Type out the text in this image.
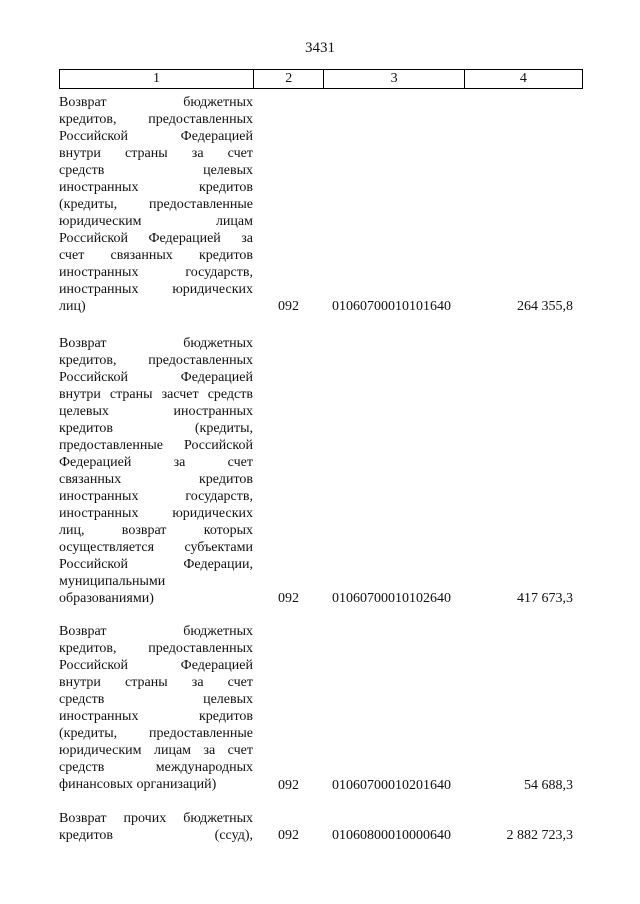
3431
1	2	3	4
Возврат бюджетных
кредитов, предоставленных
Российской Федерацией
внутри страны за счет
средств целевых
иностранных кредитов
(кредиты, предоставленные
юридическим лицам
Российской Федерацией за
счет связанных кредитов
иностранных государств,
иностранных юридических
лиц)	092	01060700010101640	264 355,8
Возврат бюджетных
кредитов, предоставленных
Российской Федерацией
внутри страны засчет средств
целевых иностранных
кредитов (кредиты,
предоставленные Российской
Федерацией за счет
связанных кредитов
иностранных государств,
иностранных юридических
лиц, возврат которых
осуществляется субъектами
Российской Федерации,
муниципальными
образованиями)	092	01060700010102640	417 673,3
Возврат бюджетных
кредитов, предоставленных
Российской Федерацией
внутри страны за счет
средств целевых
иностранных кредитов
(кредиты, предоставленные
юридическим лицам за счет
средств международных
финансовых организаций)	092	01060700010201640	54 688,3
Возврат прочих бюджетных
кредитов (ссуд), 092	01060800010000640	2 882 723,3
